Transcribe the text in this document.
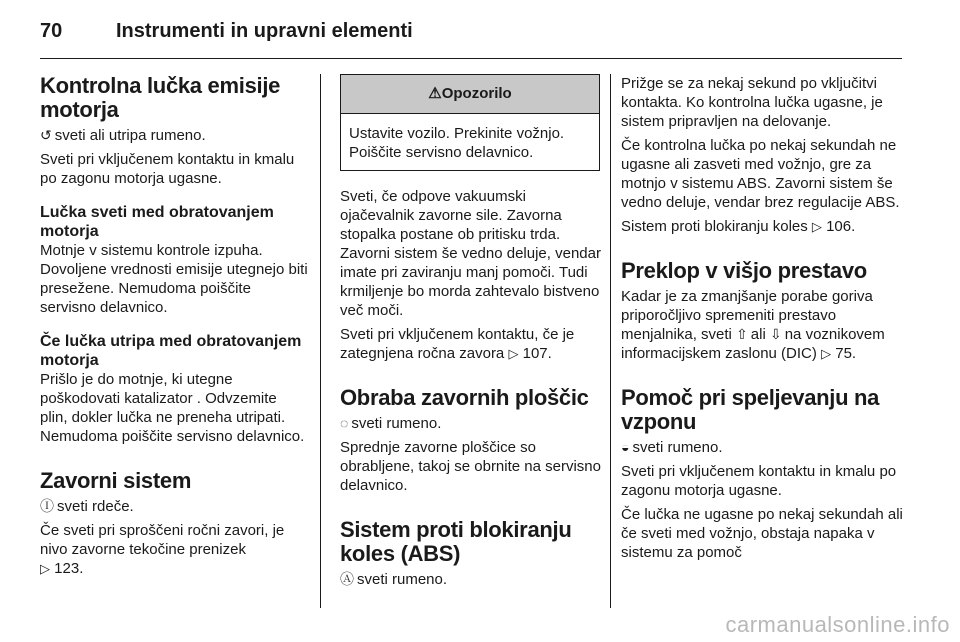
70	Instrumenti in upravni elementi
Kontrolna lučka emisije motorja

↺ sveti ali utripa rumeno.

Sveti pri vključenem kontaktu in kmalu po zagonu motorja ugasne.

Lučka sveti med obratovanjem motorja

Motnje v sistemu kontrole izpuha. Dovoljene vrednosti emisije utegnejo biti presežene. Nemudoma poiščite servisno delavnico.

Če lučka utripa med obratovanjem motorja

Prišlo je do motnje, ki utegne poškodovati katalizator . Odvzemite plin, dokler lučka ne preneha utripati. Nemudoma poiščite servisno delavnico.

Zavorni sistem

Ⓘ sveti rdeče.

Če sveti pri sproščeni ročni zavori, je nivo zavorne tekočine prenizek
▷ 123.

⚠Opozorilo
Ustavite vozilo. Prekinite vožnjo. Poiščite servisno delavnico.

Sveti, če odpove vakuumski ojačevalnik zavorne sile. Zavorna stopalka postane ob pritisku trda. Zavorni sistem še vedno deluje, vendar imate pri zaviranju manj pomoči. Tudi krmiljenje bo morda zahtevalo bistveno več moči.

Sveti pri vključenem kontaktu, če je zategnjena ročna zavora ▷ 107.

Obraba zavornih ploščic

◌ sveti rumeno.

Sprednje zavorne ploščice so obrabljene, takoj se obrnite na servisno delavnico.

Sistem proti blokiranju koles (ABS)

Ⓐ sveti rumeno.

Prižge se za nekaj sekund po vključitvi kontakta. Ko kontrolna lučka ugasne, je sistem pripravljen na delovanje.

Če kontrolna lučka po nekaj sekundah ne ugasne ali zasveti med vožnjo, gre za motnjo v sistemu ABS. Zavorni sistem še vedno deluje, vendar brez regulacije ABS.

Sistem proti blokiranju koles ▷ 106.

Preklop v višjo prestavo

Kadar je za zmanjšanje porabe goriva priporočljivo spremeniti prestavo menjalnika, sveti ⇧ ali ⇩ na voznikovem informacijskem zaslonu (DIC) ▷ 75.

Pomoč pri speljevanju na vzponu

◒ sveti rumeno.

Sveti pri vključenem kontaktu in kmalu po zagonu motorja ugasne.

Če lučka ne ugasne po nekaj sekundah ali če sveti med vožnjo, obstaja napaka v sistemu za pomoč

carmanualsonline.info
